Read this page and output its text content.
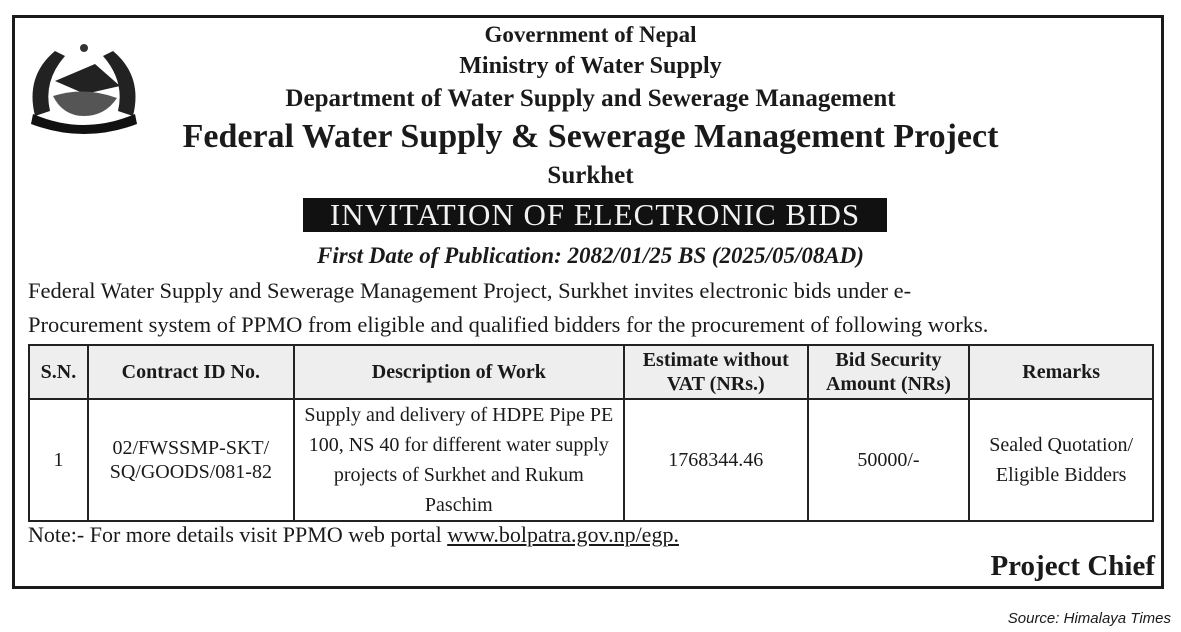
Government of Nepal
Ministry of Water Supply
Department of Water Supply and Sewerage Management
Federal Water Supply & Sewerage Management Project
Surkhet
INVITATION OF ELECTRONIC BIDS
First Date of Publication: 2082/01/25 BS (2025/05/08AD)
Federal Water Supply and Sewerage Management Project, Surkhet invites electronic bids under e-
Procurement system of PPMO from eligible and qualified bidders for the procurement of following works.
S.N.	Contract ID No.	Description of Work	Estimate without VAT (NRs.)	Bid Security Amount (NRs)	Remarks
1	02/FWSSMP-SKT/ SQ/GOODS/081-82	Supply and delivery of HDPE Pipe PE 100, NS 40 for different water supply projects of Surkhet and Rukum Paschim	1768344.46	50000/-	Sealed Quotation/ Eligible Bidders
Note:- For more details visit PPMO web portal www.bolpatra.gov.np/egp.
Project Chief
Source: Himalaya Times
